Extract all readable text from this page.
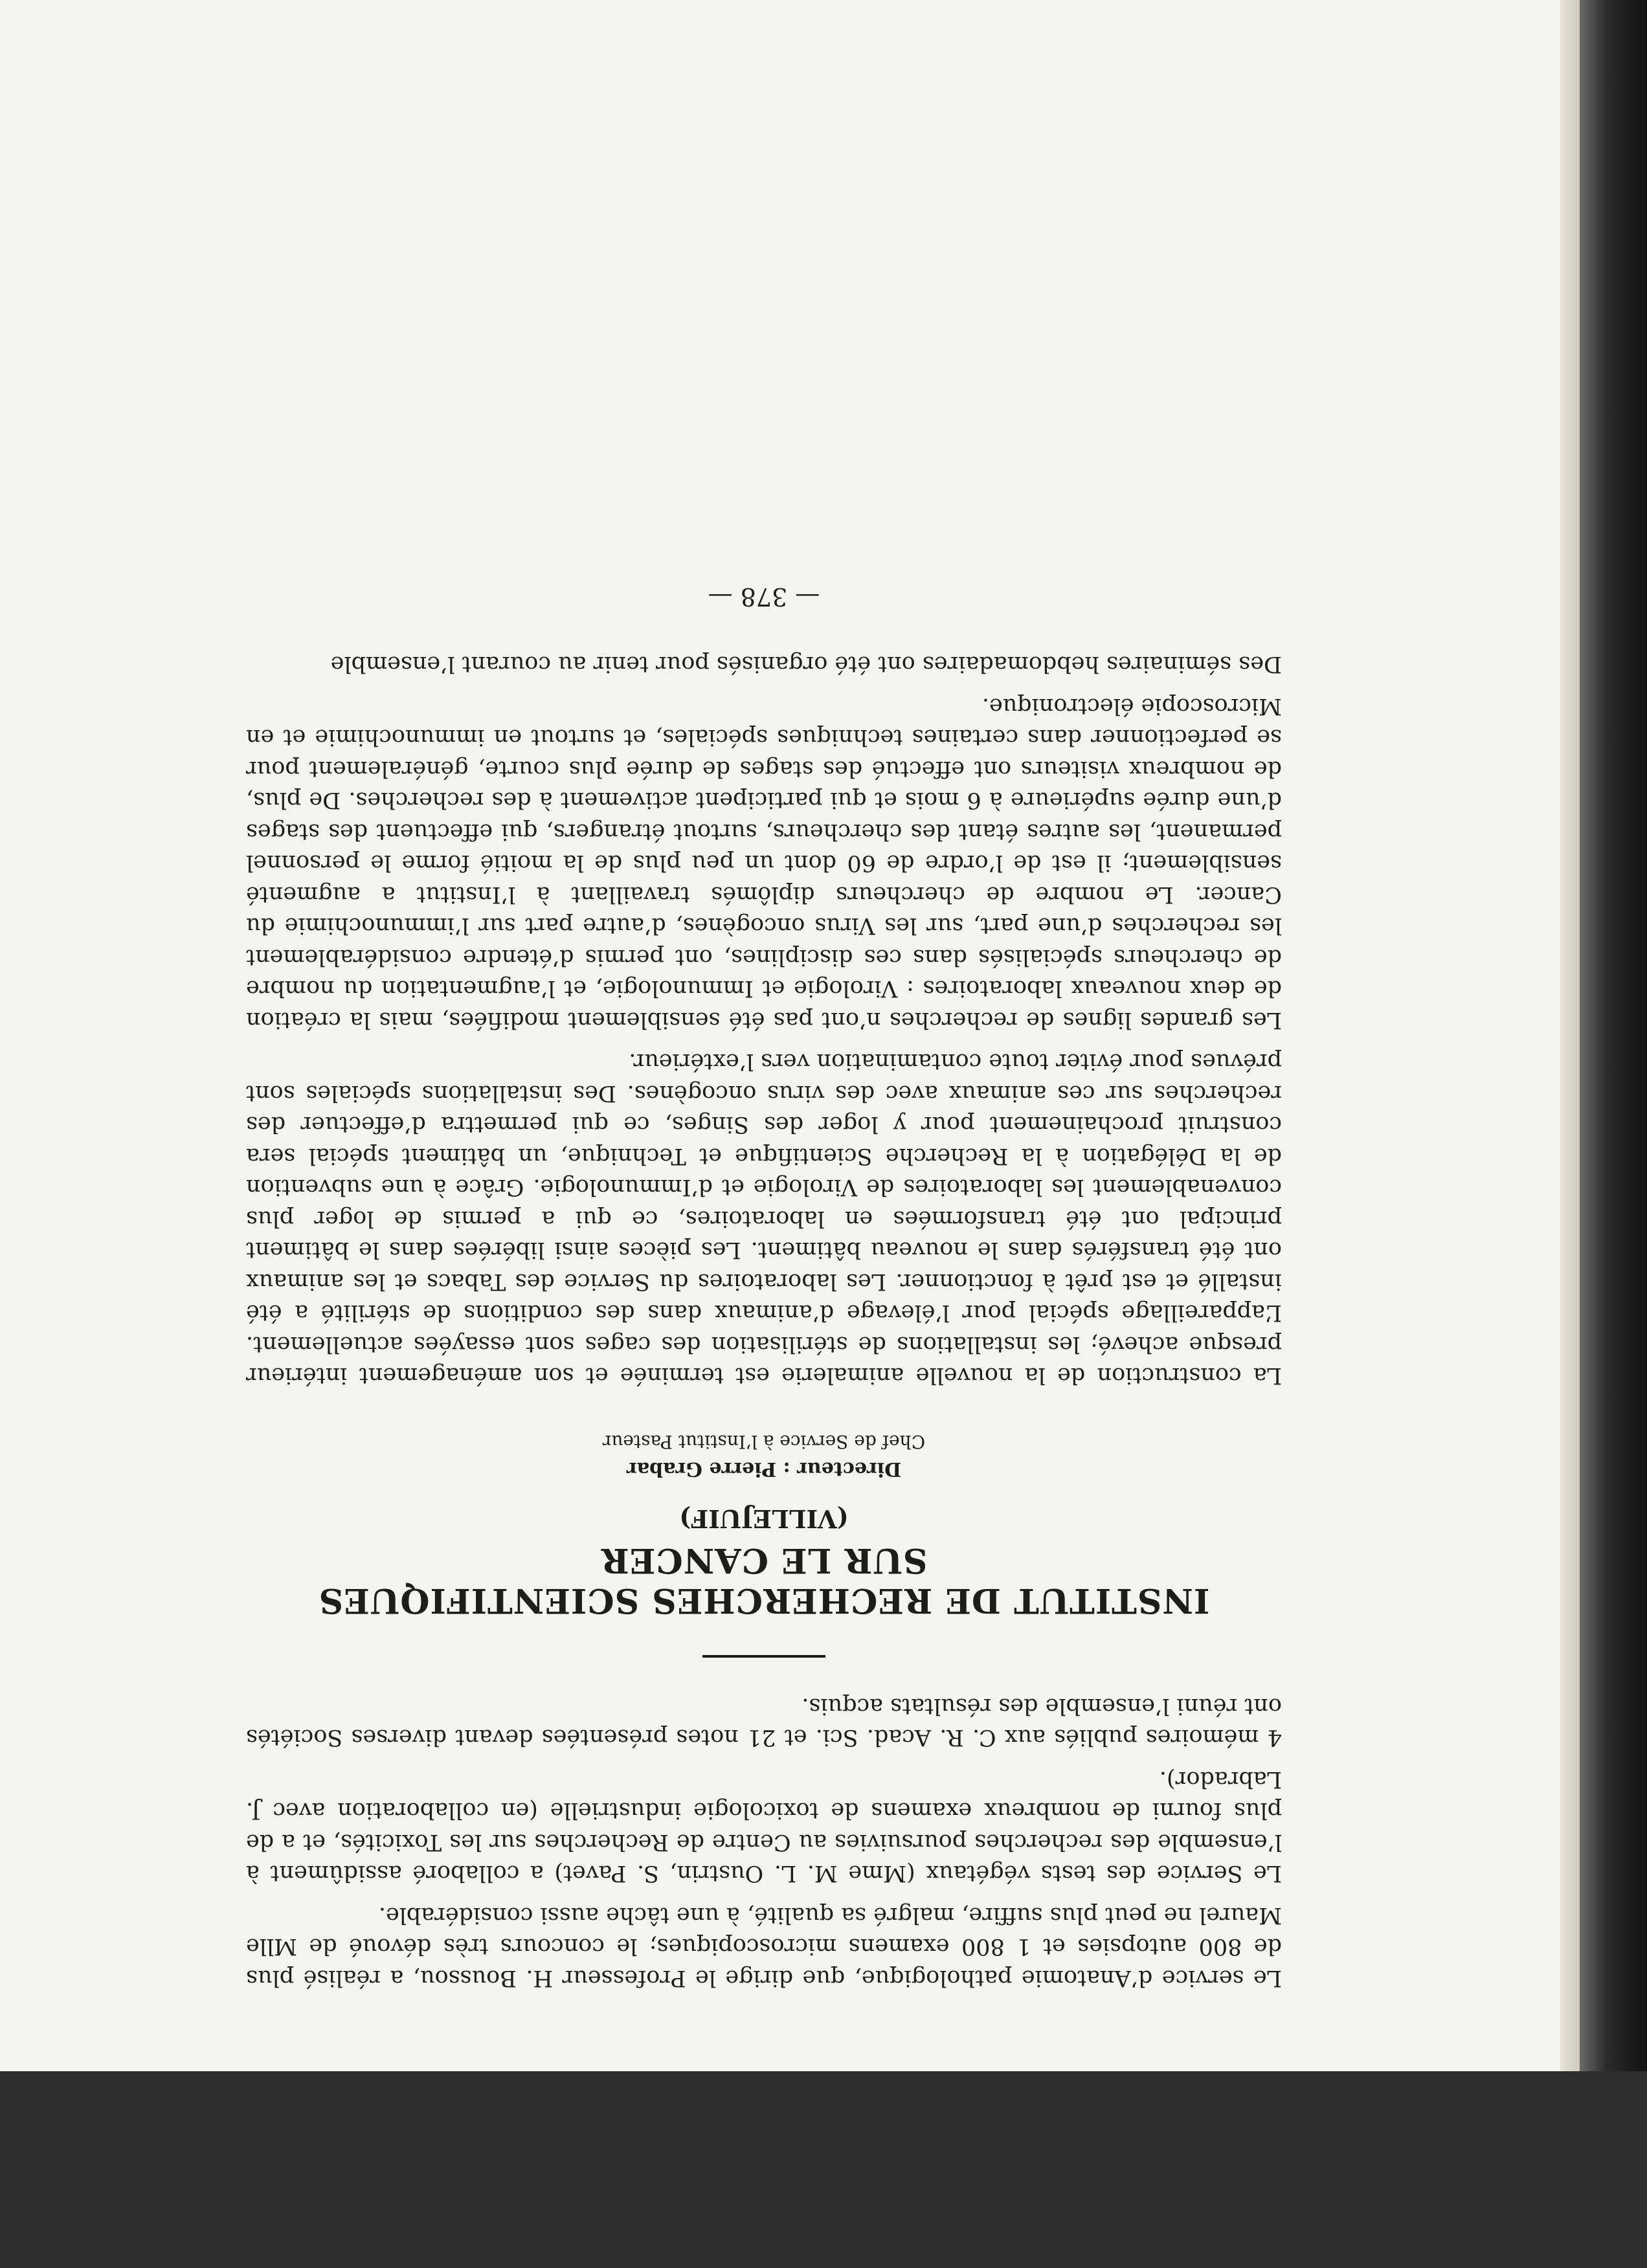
Le service d’Anatomie pathologique, que dirige le Professeur H. Boussou, a réalisé plus de 800 autopsies et 1 800 examens microscopiques; le concours très dévoué de Mlle Maurel ne peut plus suffire, malgré sa qualité, à une tâche aussi considérable.

Le Service des tests végétaux (Mme M. L. Oustrin, S. Pavet) a collaboré assidûment à l’ensemble des recherches poursuivies au Centre de Recherches sur les Toxicités, et a de plus fourni de nombreux examens de toxicologie industrielle (en collaboration avec J. Labrador).

4 mémoires publiés aux C. R. Acad. Sci. et 21 notes présentées devant diverses Sociétés ont réuni l’ensemble des résultats acquis.

INSTITUT DE RECHERCHES SCIENTIFIQUES

SUR LE CANCER

(VILLEJUIF)

Directeur : Pierre Grabar

Chef de Service à l’Institut Pasteur

La construction de la nouvelle animalerie est terminée et son aménagement intérieur presque achevé; les installations de stérilisation des cages sont essayées actuellement. L’appareillage spécial pour l’élevage d’animaux dans des conditions de stérilité a été installé et est prêt à fonctionner. Les laboratoires du Service des Tabacs et les animaux ont été transférés dans le nouveau bâtiment. Les pièces ainsi libérées dans le bâtiment principal ont été transformées en laboratoires, ce qui a permis de loger plus convenablement les laboratoires de Virologie et d’Immunologie. Grâce à une subvention de la Délégation à la Recherche Scientifique et Technique, un bâtiment spécial sera construit prochainement pour y loger des Singes, ce qui permettra d’effectuer des recherches sur ces animaux avec des virus oncogènes. Des installations spéciales sont prévues pour éviter toute contamination vers l’extérieur.

Les grandes lignes de recherches n’ont pas été sensiblement modifiées, mais la création de deux nouveaux laboratoires : Virologie et Immunologie, et l’augmentation du nombre de chercheurs spécialisés dans ces disciplines, ont permis d’étendre considérablement les recherches d’une part, sur les Virus oncogènes, d’autre part sur l’immunochimie du Cancer. Le nombre de chercheurs diplômés travaillant à l’Institut a augmenté sensiblement; il est de l’ordre de 60 dont un peu plus de la moitié forme le personnel permanent, les autres étant des chercheurs, surtout étrangers, qui effectuent des stages d’une durée supérieure à 6 mois et qui participent activement à des recherches. De plus, de nombreux visiteurs ont effectué des stages de durée plus courte, généralement pour se perfectionner dans certaines techniques spéciales, et surtout en immunochimie et en Microscopie électronique.

Des séminaires hebdomadaires ont été organisés pour tenir au courant l’ensemble

— 378 —
